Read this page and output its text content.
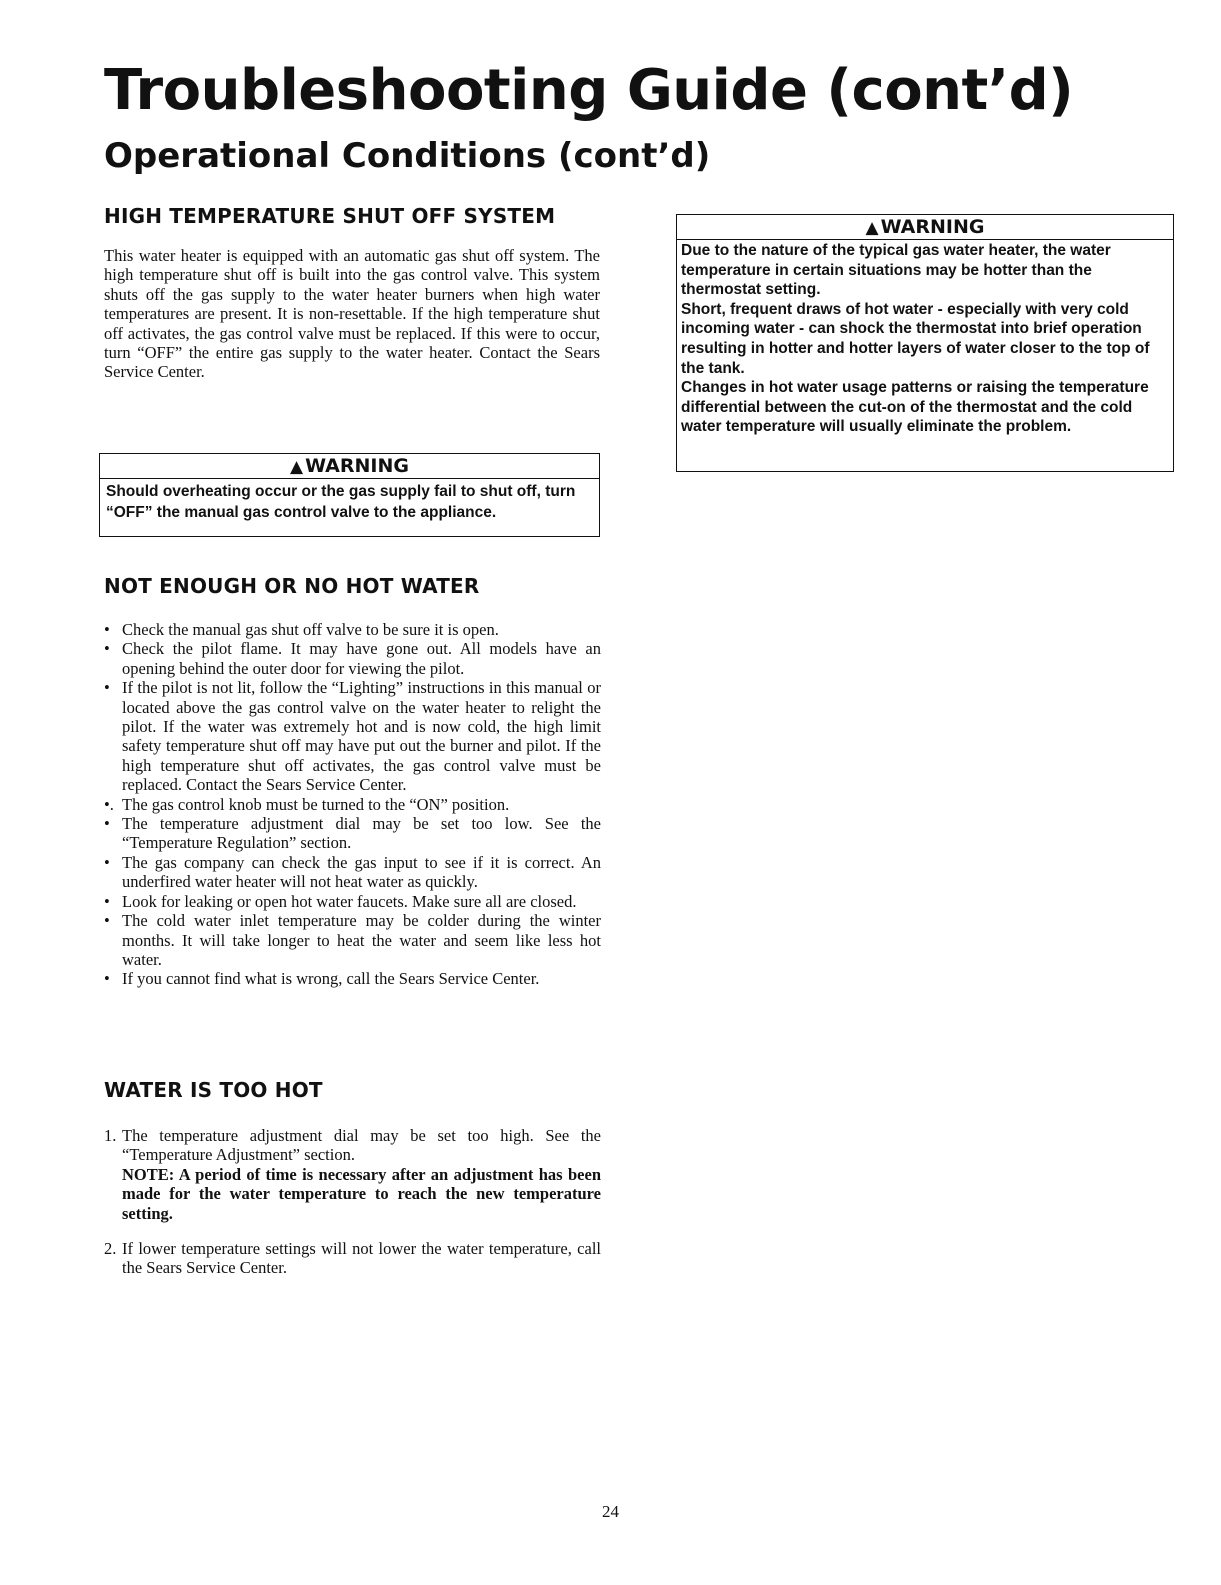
Troubleshooting Guide (cont’d)
Operational Conditions (cont’d)
HIGH TEMPERATURE SHUT OFF SYSTEM

This water heater is equipped with an automatic gas shut off system. The high temperature shut off is built into the gas control valve. This system shuts off the gas supply to the water heater burners when high water temperatures are present. It is non-resettable. If the high temperature shut off activates, the gas control valve must be replaced. If this were to occur, turn “OFF” the entire gas supply to the water heater. Contact the Sears Service Center.

▲ WARNING
Should overheating occur or the gas supply fail to shut off, turn “OFF” the manual gas control valve to the appliance.
▲ WARNING

Due to the nature of the typical gas water heater, the water temperature in certain situations may be hotter than the thermostat setting.

Short, frequent draws of hot water - especially with very cold incoming water - can shock the thermostat into brief operation resulting in hotter and hotter layers of water closer to the top of the tank.

Changes in hot water usage patterns or raising the temperature differential between the cut-on of the thermostat and the cold water temperature will usually eliminate the problem.

NOT ENOUGH OR NO HOT WATER
• Check the manual gas shut off valve to be sure it is open.
• Check the pilot flame. It may have gone out. All models have an opening behind the outer door for viewing the pilot.
• If the pilot is not lit, follow the “Lighting” instructions in this manual or located above the gas control valve on the water heater to relight the pilot. If the water was extremely hot and is now cold, the high limit safety temperature shut off may have put out the burner and pilot. If the high temperature shut off activates, the gas control valve must be replaced. Contact the Sears Service Center.
•. The gas control knob must be turned to the “ON” position.
• The temperature adjustment dial may be set too low. See the “Temperature Regulation” section.
• The gas company can check the gas input to see if it is correct. An underfired water heater will not heat water as quickly.
• Look for leaking or open hot water faucets. Make sure all are closed.
• The cold water inlet temperature may be colder during the winter months. It will take longer to heat the water and seem like less hot water.
• If you cannot find what is wrong, call the Sears Service Center.
WATER IS TOO HOT
1. The temperature adjustment dial may be set too high. See the “Temperature Adjustment” section.
NOTE: A period of time is necessary after an adjustment has been made for the water temperature to reach the new temperature setting.
2. If lower temperature settings will not lower the water temperature, call the Sears Service Center.
24
